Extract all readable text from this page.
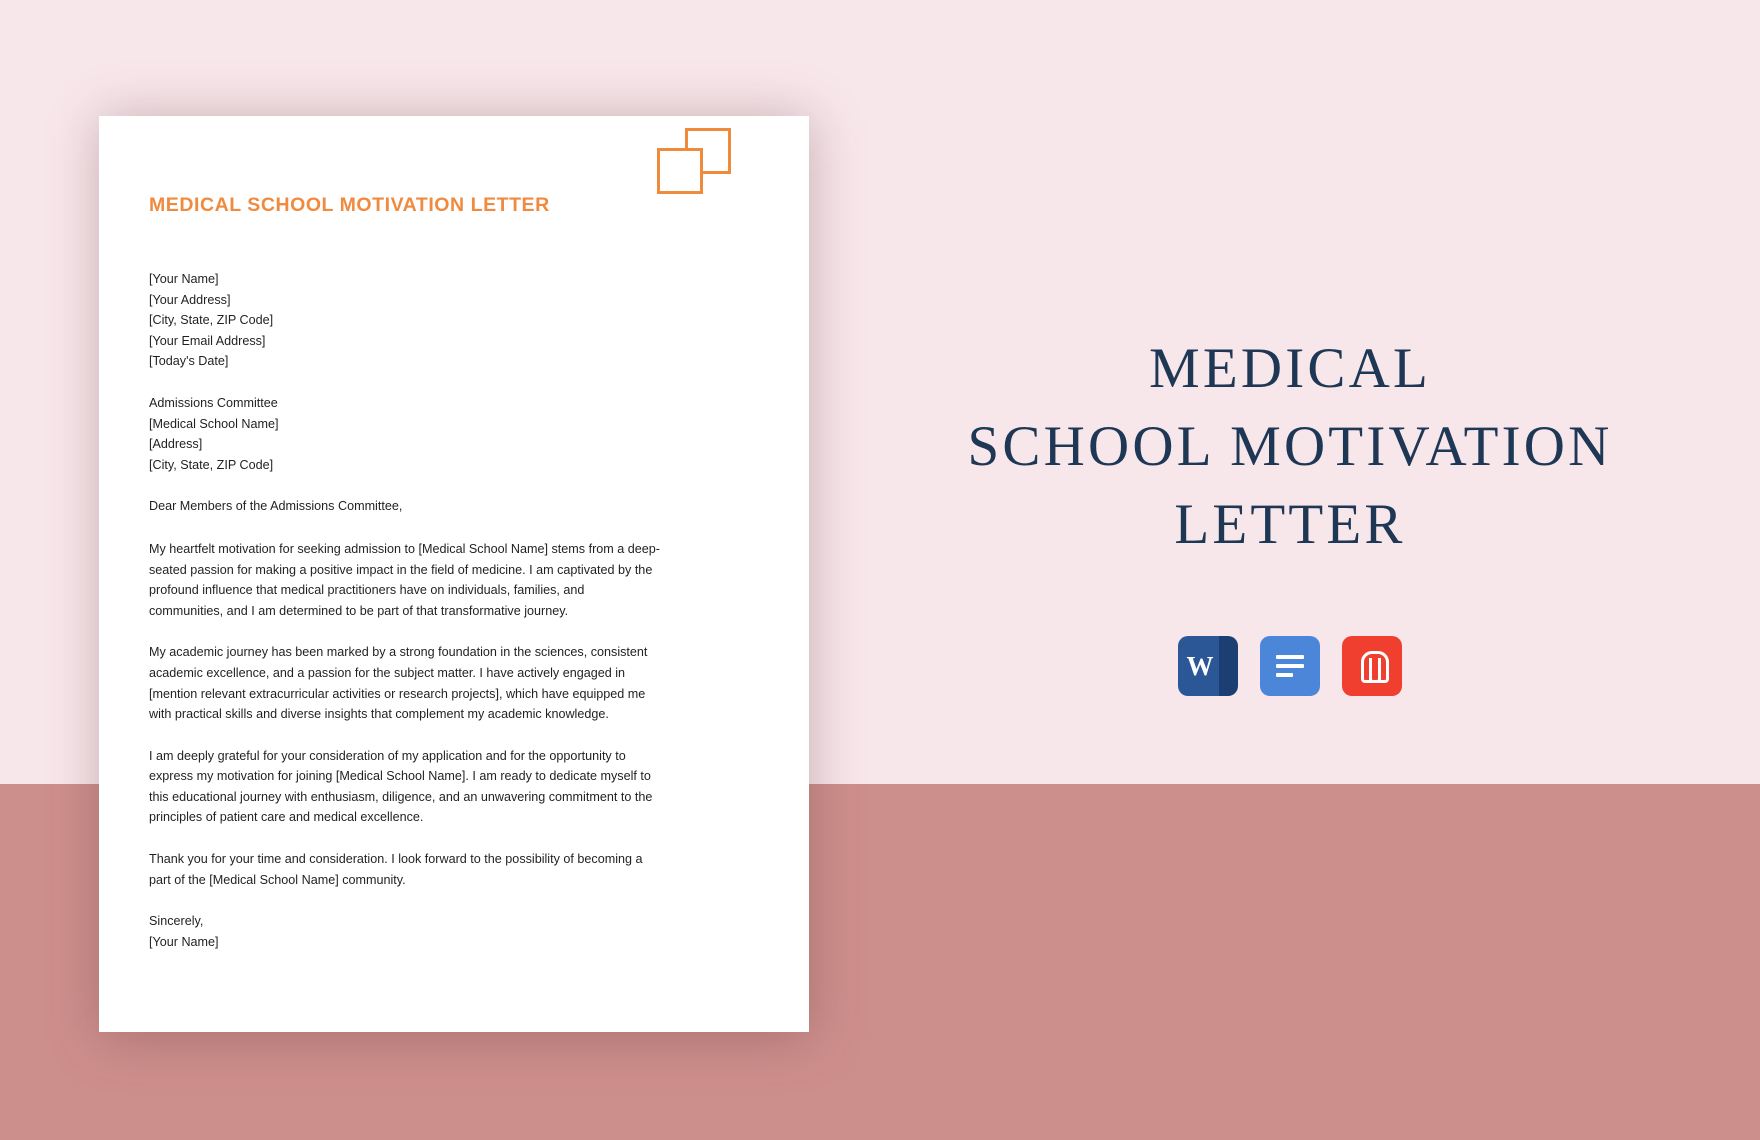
MEDICAL SCHOOL MOTIVATION LETTER
[Your Name]
[Your Address]
[City, State, ZIP Code]
[Your Email Address]
[Today's Date]
Admissions Committee
[Medical School Name]
[Address]
[City, State, ZIP Code]
Dear Members of the Admissions Committee,

My heartfelt motivation for seeking admission to [Medical School Name] stems from a deep-seated passion for making a positive impact in the field of medicine. I am captivated by the profound influence that medical practitioners have on individuals, families, and communities, and I am determined to be part of that transformative journey.

My academic journey has been marked by a strong foundation in the sciences, consistent academic excellence, and a passion for the subject matter. I have actively engaged in [mention relevant extracurricular activities or research projects], which have equipped me with practical skills and diverse insights that complement my academic knowledge.

I am deeply grateful for your consideration of my application and for the opportunity to express my motivation for joining [Medical School Name]. I am ready to dedicate myself to this educational journey with enthusiasm, diligence, and an unwavering commitment to the principles of patient care and medical excellence.

Thank you for your time and consideration. I look forward to the possibility of becoming a part of the [Medical School Name] community.

Sincerely,
[Your Name]
MEDICAL
SCHOOL MOTIVATION
LETTER
W
